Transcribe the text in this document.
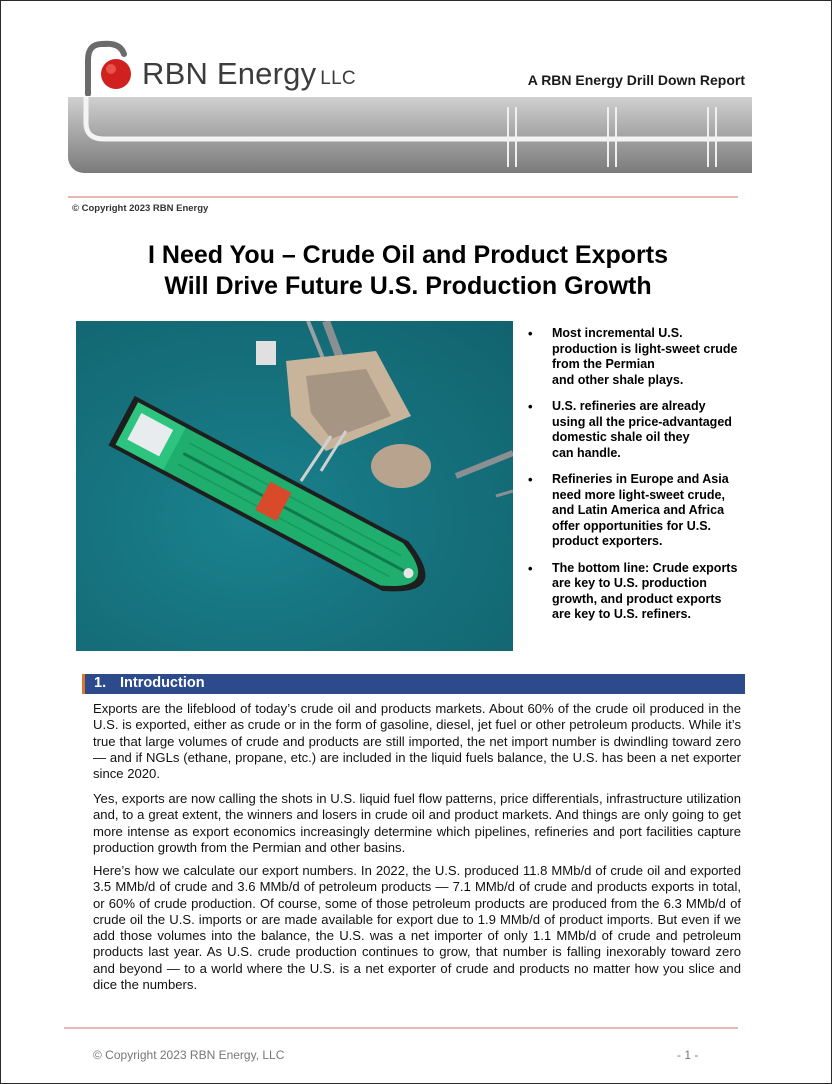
RBN Energy LLC	A RBN Energy Drill Down Report
© Copyright 2023 RBN Energy
I Need You – Crude Oil and Product Exports
Will Drive Future U.S. Production Growth
• Most incremental U.S.
production is light-sweet crude
from the Permian
and other shale plays.
• U.S. refineries are already
using all the price-advantaged
domestic shale oil they
can handle.
• Refineries in Europe and Asia
need more light-sweet crude,
and Latin America and Africa
offer opportunities for U.S.
product exporters.
• The bottom line: Crude exports
are key to U.S. production
growth, and product exports
are key to U.S. refiners.
1. Introduction

Exports are the lifeblood of today’s crude oil and products markets. About 60% of the crude oil produced in the U.S. is exported, either as crude or in the form of gasoline, diesel, jet fuel or other petroleum products. While it’s true that large volumes of crude and products are still imported, the net import number is dwindling toward zero — and if NGLs (ethane, propane, etc.) are included in the liquid fuels balance, the U.S. has been a net exporter since 2020.

Yes, exports are now calling the shots in U.S. liquid fuel flow patterns, price differentials, infrastructure utilization and, to a great extent, the winners and losers in crude oil and product markets. And things are only going to get more intense as export economics increasingly determine which pipelines, refineries and port facilities capture production growth from the Permian and other basins.

Here’s how we calculate our export numbers. In 2022, the U.S. produced 11.8 MMb/d of crude oil and exported 3.5 MMb/d of crude and 3.6 MMb/d of petroleum products — 7.1 MMb/d of crude and products exports in total, or 60% of crude production. Of course, some of those petroleum products are produced from the 6.3 MMb/d of crude oil the U.S. imports or are made available for export due to 1.9 MMb/d of product imports. But even if we add those volumes into the balance, the U.S. was a net importer of only 1.1 MMb/d of crude and petroleum products last year. As U.S. crude production continues to grow, that number is falling inexorably toward zero and beyond — to a world where the U.S. is a net exporter of crude and products no matter how you slice and dice the numbers.

© Copyright 2023 RBN Energy, LLC	- 1 -
